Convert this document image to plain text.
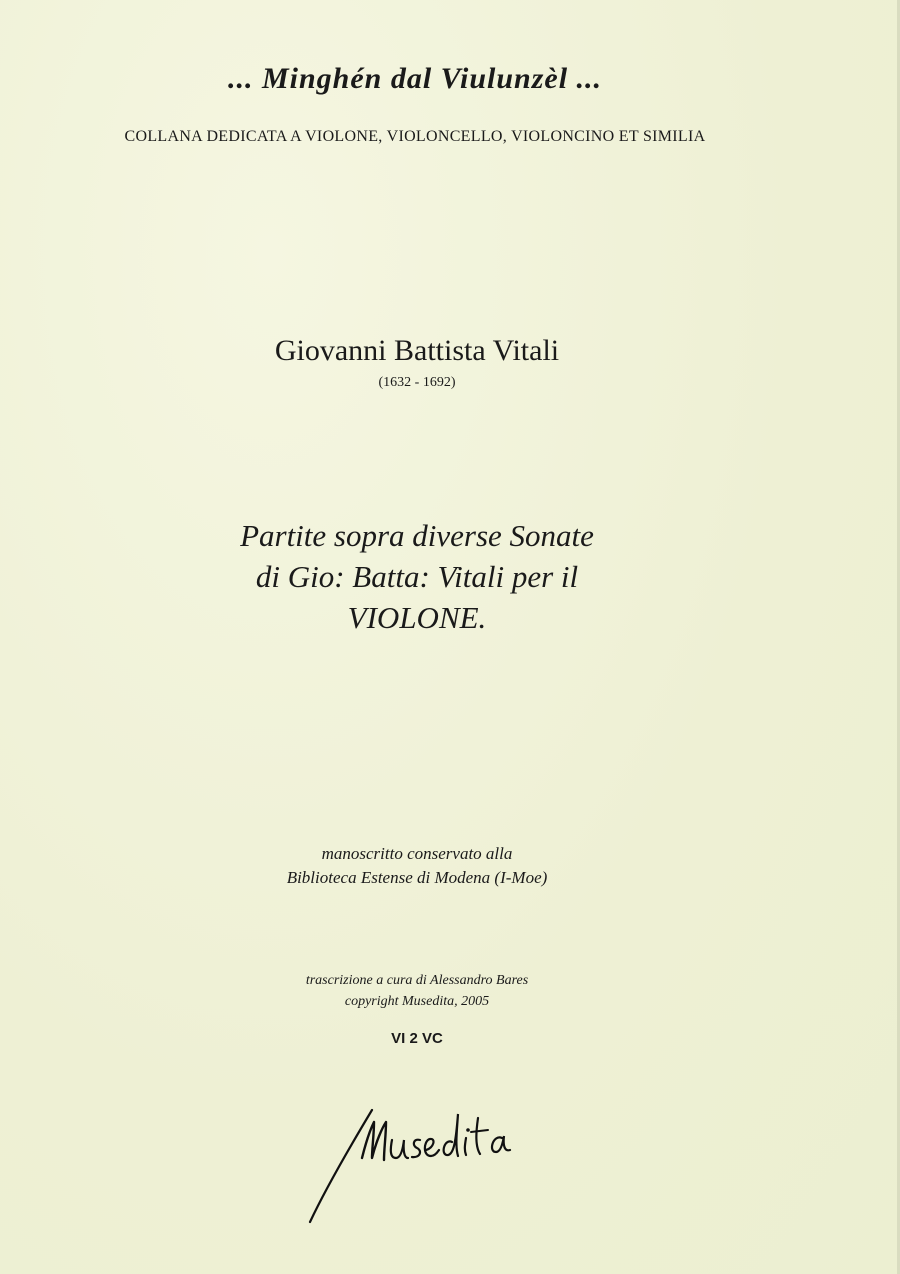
... Minghén dal Viulunzèl ...
COLLANA DEDICATA A VIOLONE, VIOLONCELLO, VIOLONCINO ET SIMILIA
Giovanni Battista Vitali
(1632 - 1692)
Partite sopra diverse Sonate
di Gio: Batta: Vitali per il
VIOLONE.
manoscritto conservato alla
Biblioteca Estense di Modena (I-Moe)
trascrizione a cura di Alessandro Bares
copyright Musedita, 2005
VI 2 VC
